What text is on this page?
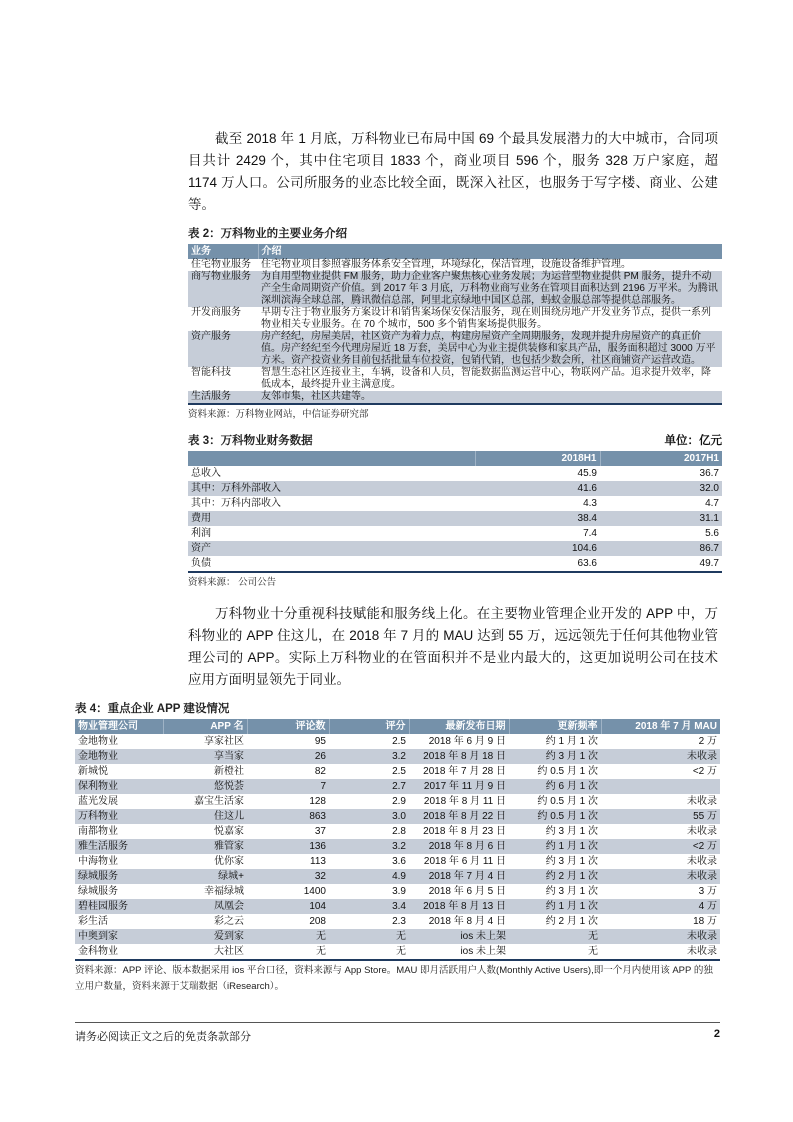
截至 2018 年 1 月底，万科物业已布局中国 69 个最具发展潜力的大中城市，合同项目共计 2429 个，其中住宅项目 1833 个，商业项目 596 个，服务 328 万户家庭，超 1174 万人口。公司所服务的业态比较全面，既深入社区，也服务于写字楼、商业、公建等。

表 2：万科物业的主要业务介绍
业务	介绍
住宅物业服务	住宅物业项目参照睿服务体系安全管理，环境绿化，保洁管理，设施设备维护管理。
商写物业服务	为自用型物业提供 FM 服务，助力企业客户聚焦核心业务发展；为运营型物业提供 PM 服务，提升不动产全生命周期资产价值。到 2017 年 3 月底，万科物业商写业务在管项目面积达到 2196 万平米。为腾讯深圳滨海全球总部，腾讯微信总部，阿里北京绿地中国区总部，蚂蚁金服总部等提供总部服务。
开发商服务	早期专注于物业服务方案设计和销售案场保安保洁服务，现在则围绕房地产开发业务节点，提供一系列物业相关专业服务。在 70 个城市，500 多个销售案场提供服务。
资产服务	房产经纪，房屋美居，社区资产为着力点，构建房屋资产全周期服务，发现并提升房屋资产的真正价值。房产经纪至今代理房屋近 18 万套，美居中心为业主提供装修和家具产品，服务面积超过 3000 万平方米。资产投资业务目前包括批量车位投资，包销代销，也包括少数会所，社区商铺资产运营改造。
智能科技	智慧生态社区连接业主，车辆，设备和人员，智能数据监测运营中心，物联网产品。追求提升效率，降低成本，最终提升业主满意度。
生活服务	友邻市集，社区共建等。
资料来源：万科物业网站，中信证券研究部
表 3：万科物业财务数据	单位：亿元
	2018H1	2017H1
总收入	45.9	36.7
其中：万科外部收入	41.6	32.0
其中：万科内部收入	4.3	4.7
费用	38.4	31.1
利润	7.4	5.6
资产	104.6	86.7
负债	63.6	49.7
资料来源： 公司公告

万科物业十分重视科技赋能和服务线上化。在主要物业管理企业开发的 APP 中，万科物业的 APP 住这儿，在 2018 年 7 月的 MAU 达到 55 万，远远领先于任何其他物业管理公司的 APP。实际上万科物业的在管面积并不是业内最大的，这更加说明公司在技术应用方面明显领先于同业。

表 4：重点企业 APP 建设情况
物业管理公司	APP 名	评论数	评分	最新发布日期	更新频率	2018 年 7 月 MAU
金地物业	享家社区	95	2.5	2018 年 6 月 9 日	约 1 月 1 次	2 万
金地物业	享当家	26	3.2	2018 年 8 月 18 日	约 3 月 1 次	未收录
新城悦	新橙社	82	2.5	2018 年 7 月 28 日	约 0.5 月 1 次	<2 万
保利物业	悠悦荟	7	2.7	2017 年 11 月 9 日	约 6 月 1 次	
蓝光发展	嘉宝生活家	128	2.9	2018 年 8 月 11 日	约 0.5 月 1 次	未收录
万科物业	住这儿	863	3.0	2018 年 8 月 22 日	约 0.5 月 1 次	55 万
南都物业	悦嘉家	37	2.8	2018 年 8 月 23 日	约 3 月 1 次	未收录
雅生活服务	雅管家	136	3.2	2018 年 8 月 6 日	约 1 月 1 次	<2 万
中海物业	优你家	113	3.6	2018 年 6 月 11 日	约 3 月 1 次	未收录
绿城服务	绿城+	32	4.9	2018 年 7 月 4 日	约 2 月 1 次	未收录
绿城服务	幸福绿城	1400	3.9	2018 年 6 月 5 日	约 3 月 1 次	3 万
碧桂园服务	凤凰会	104	3.4	2018 年 8 月 13 日	约 1 月 1 次	4 万
彩生活	彩之云	208	2.3	2018 年 8 月 4 日	约 2 月 1 次	18 万
中奥到家	爱到家	无	无	ios 未上架	无	未收录
金科物业	大社区	无	无	ios 未上架	无	未收录
资料来源：APP 评论、版本数据采用 ios 平台口径，资料来源与 App Store。MAU 即月活跃用户人数(Monthly Active Users),即一个月内使用该 APP 的独立用户数量，资料来源于艾瑞数据（iResearch）。
请务必阅读正文之后的免责条款部分	2
